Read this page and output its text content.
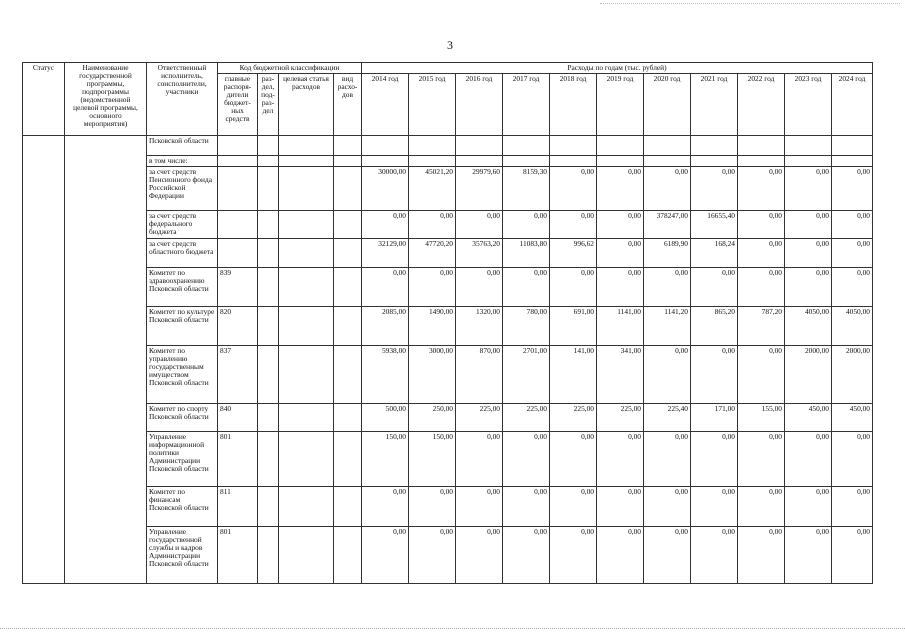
3
Статус	Наименование государственной программы, подпрограммы (ведомственной целевой программы, основного мероприятия)	Ответственный исполнитель, соисполнители, участники	Код бюджетной классификации				Расходы по годам (тыс. рублей)										
			главные распоря-дители бюджет-ных средств	раз-дел, под-раз-дел	целевая статья расходов	вид расхо-дов	2014 год	2015 год	2016 год	2017 год	2018 год	2019 год	2020 год	2021 год	2022 год	2023 год	2024 год
		Псковской области															
		в том числе:															
		за счет средств Пенсионного фонда Российской Федерации					30000,00	45021,20	29979,60	8159,30	0,00	0,00	0,00	0,00	0,00	0,00	0,00
		за счет средств федерального бюджета					0,00	0,00	0,00	0,00	0,00	0,00	378247,00	16655,40	0,00	0,00	0,00
		за счет средств областного бюджета					32129,00	47720,20	35763,20	11083,80	996,62	0,00	6189,90	168,24	0,00	0,00	0,00
		Комитет по здравоохранению Псковской области	839				0,00	0,00	0,00	0,00	0,00	0,00	0,00	0,00	0,00	0,00	0,00
		Комитет по культуре Псковской области	820				2085,00	1490,00	1320,00	780,00	691,00	1141,00	1141,20	865,20	787,20	4050,00	4050,00
		Комитет по управлению государственным имуществом Псковской области	837				5938,00	3000,00	870,00	2701,00	141,00	341,00	0,00	0,00	0,00	2000,00	2000,00
		Комитет по спорту Псковской области	840				500,00	250,00	225,00	225,00	225,00	225,00	225,40	171,00	155,00	450,00	450,00
		Управление информационной политики Администрации Псковской области	801				150,00	150,00	0,00	0,00	0,00	0,00	0,00	0,00	0,00	0,00	0,00
		Комитет по финансам Псковской области	811				0,00	0,00	0,00	0,00	0,00	0,00	0,00	0,00	0,00	0,00	0,00
		Управление государственной службы и кадров Администрации Псковской области	801				0,00	0,00	0,00	0,00	0,00	0,00	0,00	0,00	0,00	0,00	0,00
